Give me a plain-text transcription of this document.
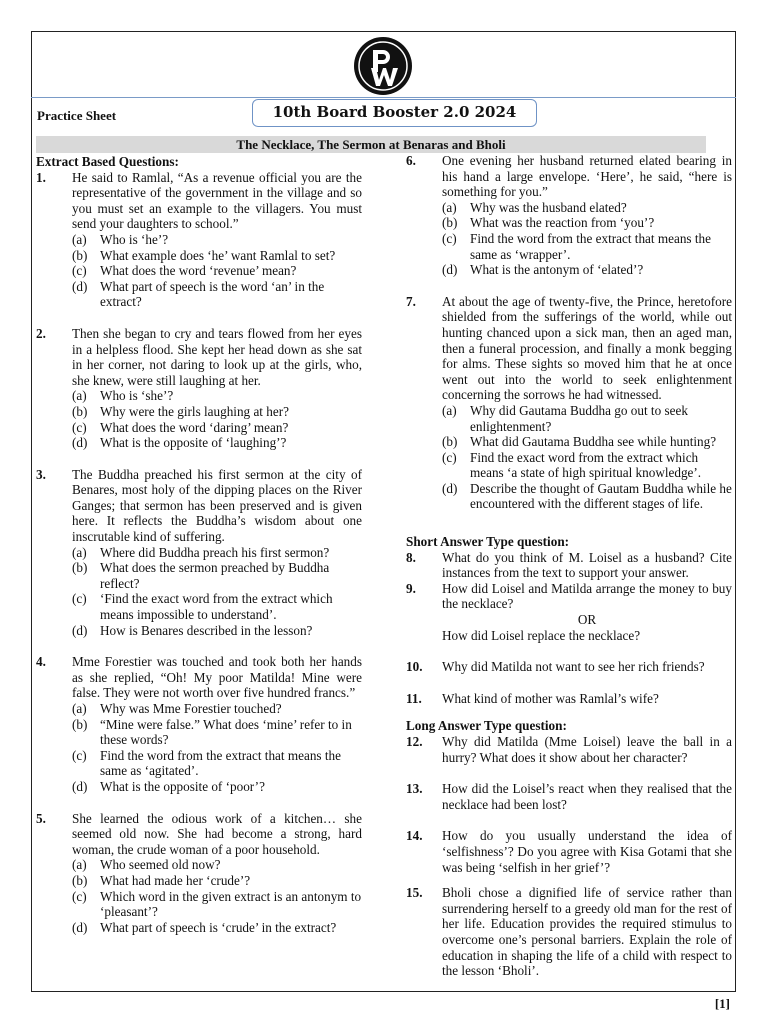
Practice Sheet	10th Board Booster 2.0 2024
The Necklace, The Sermon at Benaras and Bholi
Extract Based Questions:
1. He said to Ramlal, “As a revenue official you are the representative of the government in the village and so you must set an example to the villagers. You must send your daughters to school.”
(a) Who is ‘he’?
(b) What example does ‘he’ want Ramlal to set?
(c) What does the word ‘revenue’ mean?
(d) What part of speech is the word ‘an’ in the extract?
2. Then she began to cry and tears flowed from her eyes in a helpless flood. She kept her head down as she sat in her corner, not daring to look up at the girls, who, she knew, were still laughing at her.
(a) Who is ‘she’?
(b) Why were the girls laughing at her?
(c) What does the word ‘daring’ mean?
(d) What is the opposite of ‘laughing’?
3. The Buddha preached his first sermon at the city of Benares, most holy of the dipping places on the River Ganges; that sermon has been preserved and is given here. It reflects the Buddha’s wisdom about one inscrutable kind of suffering.
(a) Where did Buddha preach his first sermon?
(b) What does the sermon preached by Buddha reflect?
(c) ‘Find the exact word from the extract which means impossible to understand’.
(d) How is Benares described in the lesson?
4. Mme Forestier was touched and took both her hands as she replied, “Oh! My poor Matilda! Mine were false. They were not worth over five hundred francs.”
(a) Why was Mme Forestier touched?
(b) “Mine were false.” What does ‘mine’ refer to in these words?
(c) Find the word from the extract that means the same as ‘agitated’.
(d) What is the opposite of ‘poor’?
5. She learned the odious work of a kitchen… she seemed old now. She had become a strong, hard woman, the crude woman of a poor household.
(a) Who seemed old now?
(b) What had made her ‘crude’?
(c) Which word in the given extract is an antonym to ‘pleasant’?
(d) What part of speech is ‘crude’ in the extract?
6. One evening her husband returned elated bearing in his hand a large envelope. ‘Here’, he said, “here is something for you.”
(a) Why was the husband elated?
(b) What was the reaction from ‘you’?
(c) Find the word from the extract that means the same as ‘wrapper’.
(d) What is the antonym of ‘elated’?
7. At about the age of twenty-five, the Prince, heretofore shielded from the sufferings of the world, while out hunting chanced upon a sick man, then an aged man, then a funeral procession, and finally a monk begging for alms. These sights so moved him that he at once went out into the world to seek enlightenment concerning the sorrows he had witnessed.
(a) Why did Gautama Buddha go out to seek enlightenment?
(b) What did Gautama Buddha see while hunting?
(c) Find the exact word from the extract which means ‘a state of high spiritual knowledge’.
(d) Describe the thought of Gautam Buddha while he encountered with the different stages of life.
Short Answer Type question:
8. What do you think of M. Loisel as a husband? Cite instances from the text to support your answer.
9. How did Loisel and Matilda arrange the money to buy the necklace?
OR
How did Loisel replace the necklace?
10. Why did Matilda not want to see her rich friends?
11. What kind of mother was Ramlal’s wife?
Long Answer Type question:
12. Why did Matilda (Mme Loisel) leave the ball in a hurry? What does it show about her character?
13. How did the Loisel’s react when they realised that the necklace had been lost?
14. How do you usually understand the idea of ‘selfishness’? Do you agree with Kisa Gotami that she was being ‘selfish in her grief’?
15. Bholi chose a dignified life of service rather than surrendering herself to a greedy old man for the rest of her life. Education provides the required stimulus to overcome one’s personal barriers. Explain the role of education in shaping the life of a child with respect to the lesson ‘Bholi’.
[1]
